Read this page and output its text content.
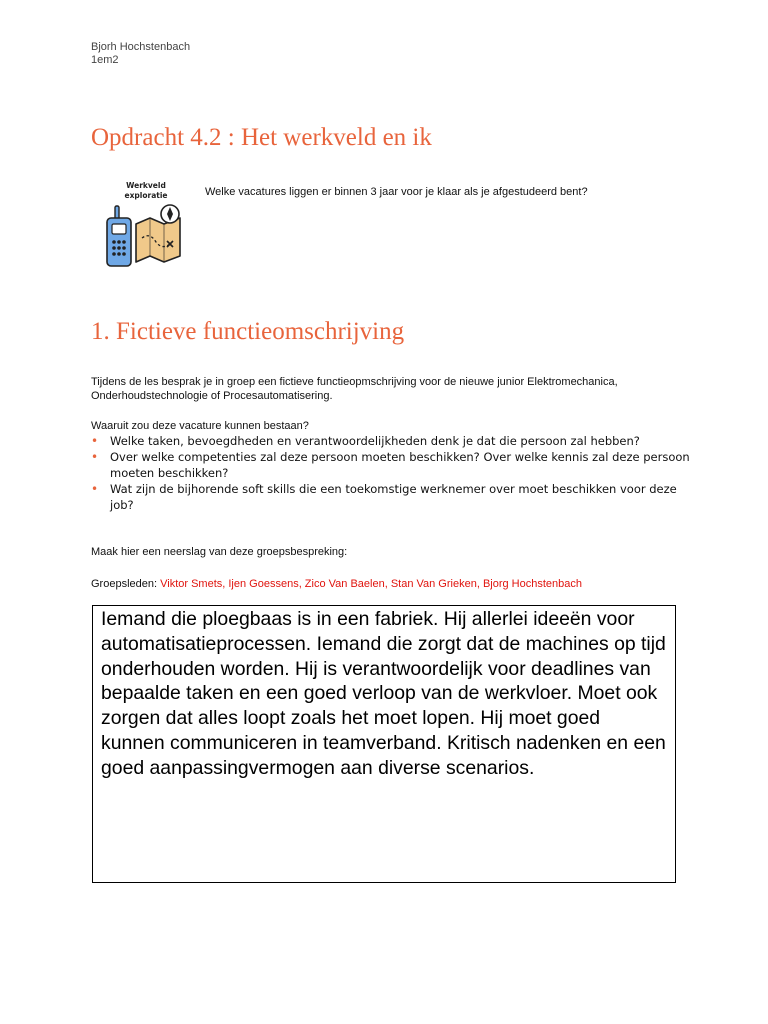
Bjorh Hochstenbach
1em2
Opdracht 4.2 : Het werkveld en ik
Werkveld
exploratie	Welke vacatures liggen er binnen 3 jaar voor je klaar als je afgestudeerd bent?
1. Fictieve functieomschrijving
Tijdens de les besprak je in groep een fictieve functieopmschrijving voor de nieuwe junior Elektromechanica, Onderhoudstechnologie of Procesautomatisering.
Waaruit zou deze vacature kunnen bestaan?
• Welke taken, bevoegdheden en verantwoordelijkheden denk je dat die persoon zal hebben?
• Over welke competenties zal deze persoon moeten beschikken? Over welke kennis zal deze persoon moeten beschikken?
• Wat zijn de bijhorende soft skills die een toekomstige werknemer over moet beschikken voor deze job?
Maak hier een neerslag van deze groepsbespreking:
Groepsleden: Viktor Smets, Ijen Goessens, Zico Van Baelen, Stan Van Grieken, Bjorg Hochstenbach
Iemand die ploegbaas is in een fabriek. Hij allerlei ideeën voor automatisatieprocessen. Iemand die zorgt dat de machines op tijd onderhouden worden. Hij is verantwoordelijk voor deadlines van bepaalde taken en een goed verloop van de werkvloer. Moet ook zorgen dat alles loopt zoals het moet lopen. Hij moet goed kunnen communiceren in teamverband. Kritisch nadenken en een goed aanpassingvermogen aan diverse scenarios.
